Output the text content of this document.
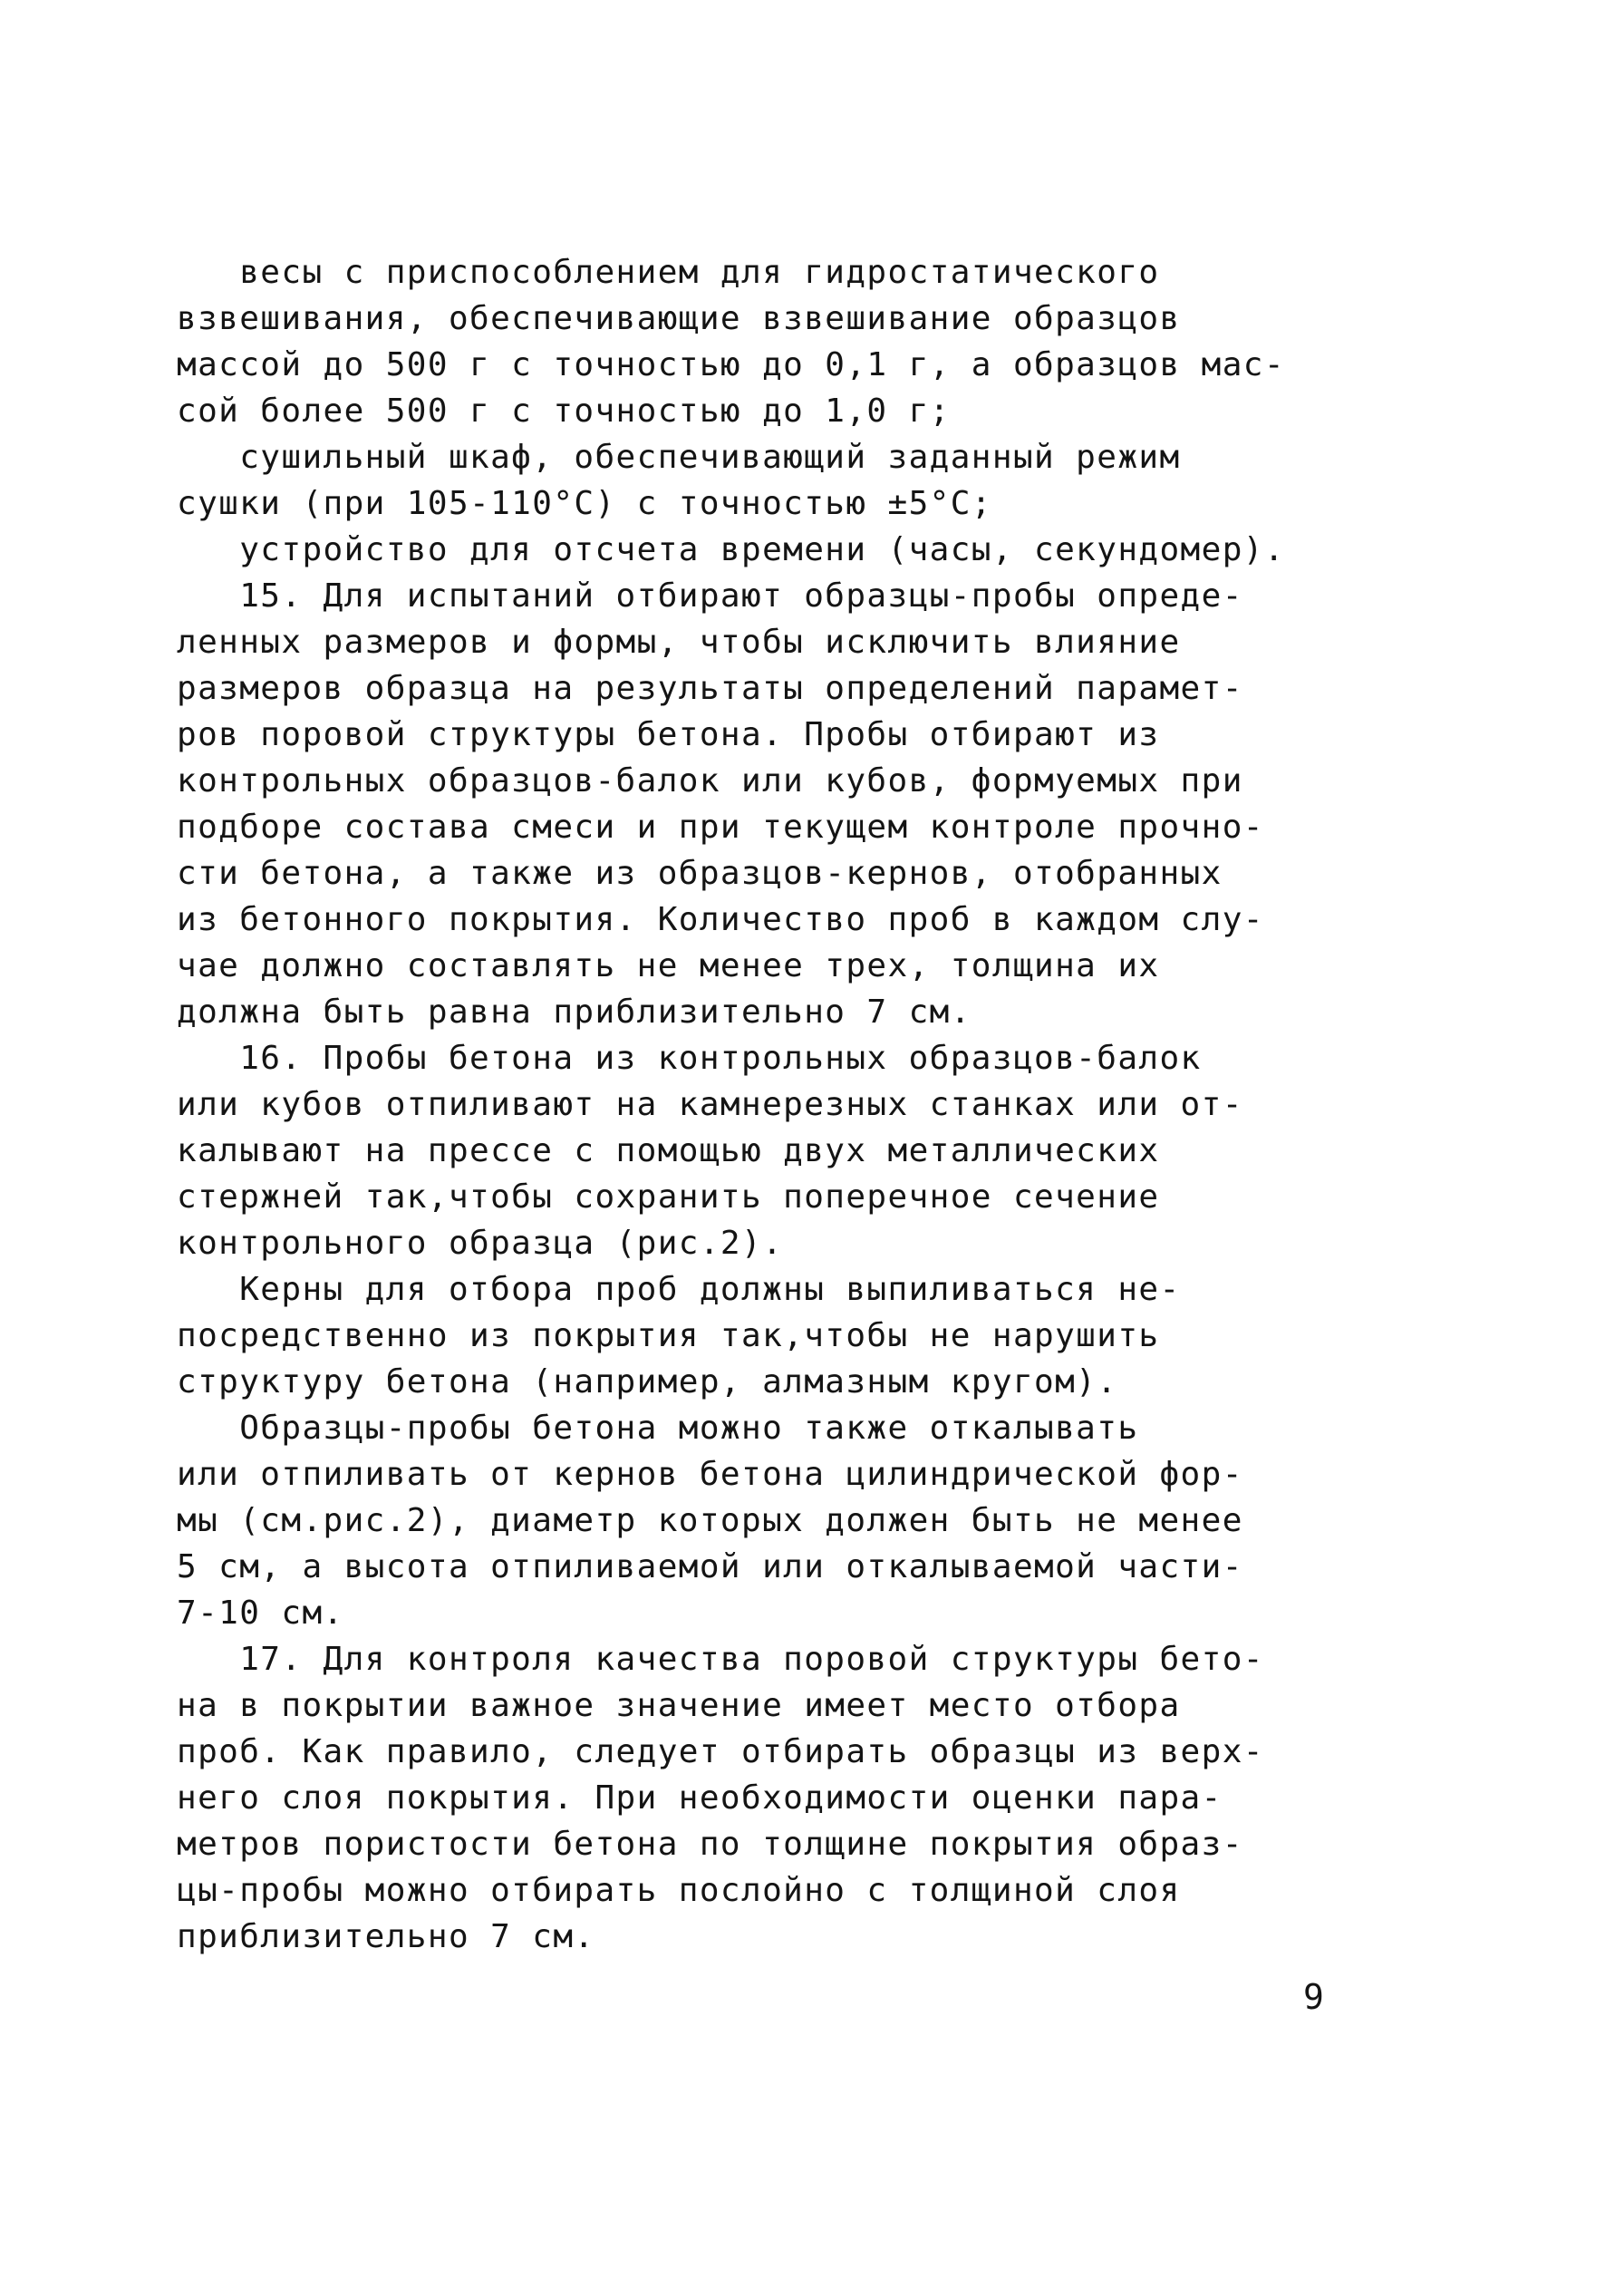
весы с приспособлением для гидростатического
взвешивания, обеспечивающие взвешивание образцов
массой до 500 г с точностью до 0,1 г, а образцов мас-
сой более 500 г с точностью до 1,0 г;
сушильный шкаф, обеспечивающий заданный режим
сушки (при 105-110°С) с точностью ±5°С;
устройство для отсчета времени (часы, секундомер).
15. Для испытаний отбирают образцы-пробы опреде-
ленных размеров и формы, чтобы исключить влияние
размеров образца на результаты определений парамет-
ров поровой структуры бетона. Пробы отбирают из
контрольных образцов-балок или кубов, формуемых при
подборе состава смеси и при текущем контроле прочно-
сти бетона, а также из образцов-кернов, отобранных
из бетонного покрытия. Количество проб в каждом слу-
чае должно составлять не менее трех, толщина их
должна быть равна приблизительно 7 см.
16. Пробы бетона из контрольных образцов-балок
или кубов отпиливают на камнерезных станках или от-
калывают на прессе с помощью двух металлических
стержней так,чтобы сохранить поперечное сечение
контрольного образца (рис.2).
Керны для отбора проб должны выпиливаться не-
посредственно из покрытия так,чтобы не нарушить
структуру бетона (например, алмазным кругом).
Образцы-пробы бетона можно также откалывать
или отпиливать от кернов бетона цилиндрической фор-
мы (см.рис.2), диаметр которых должен быть не менее
5 см, а высота отпиливаемой или откалываемой части-
7-10 см.
17. Для контроля качества поровой структуры бето-
на в покрытии важное значение имеет место отбора
проб. Как правило, следует отбирать образцы из верх-
него слоя покрытия. При необходимости оценки пара-
метров пористости бетона по толщине покрытия образ-
цы-пробы можно отбирать послойно с толщиной слоя
приблизительно 7 см.
9
